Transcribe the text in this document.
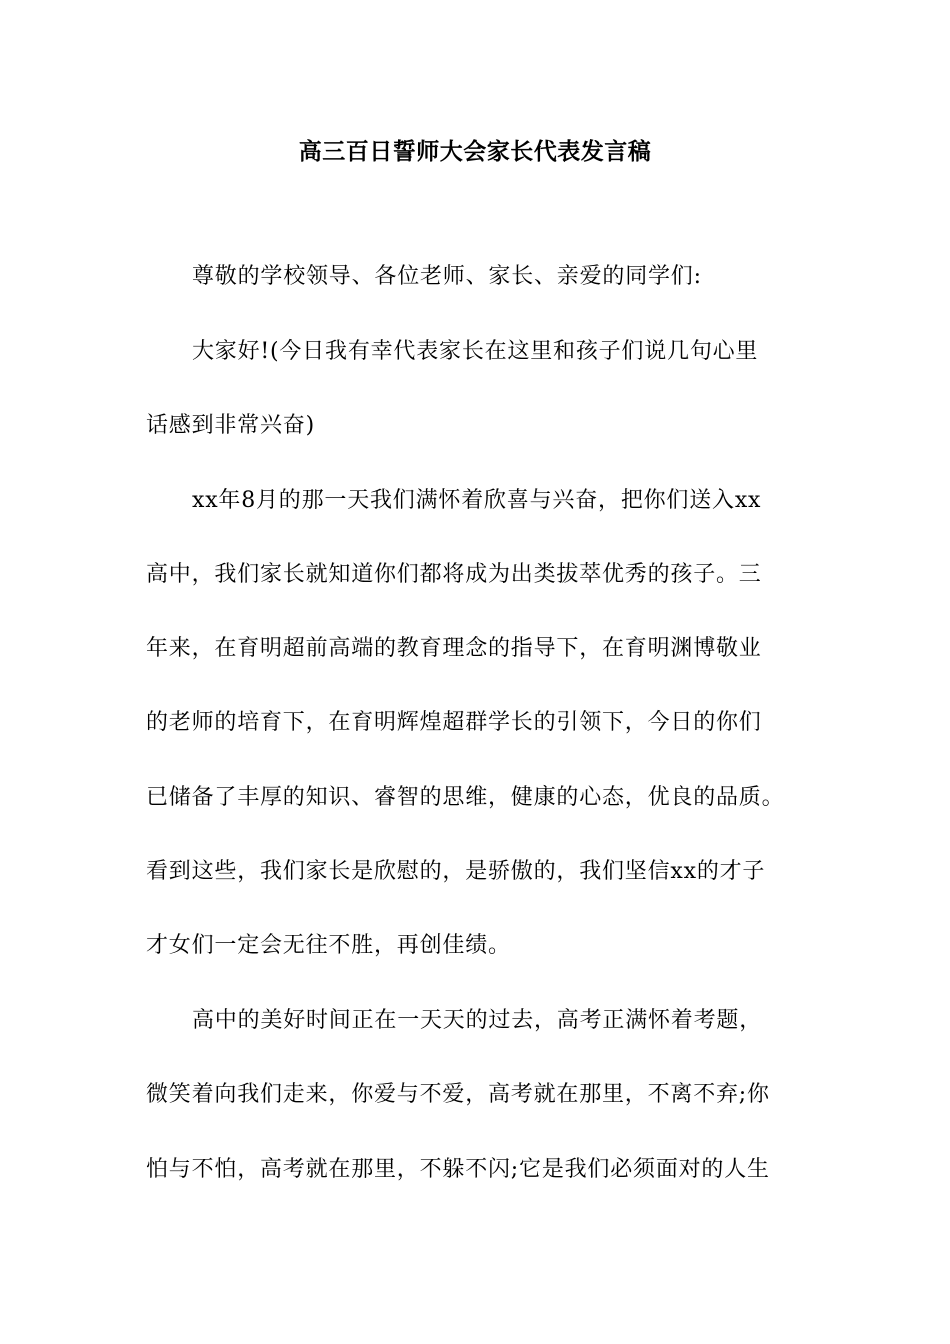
高三百日誓师大会家长代表发言稿
尊敬的学校领导、各位老师、家长、亲爱的同学们:
大家好!(今日我有幸代表家长在这里和孩子们说几句心里
话感到非常兴奋)
xx年8月的那一天我们满怀着欣喜与兴奋，把你们送入xx
高中，我们家长就知道你们都将成为出类拔萃优秀的孩子。三
年来，在育明超前高端的教育理念的指导下，在育明渊博敬业
的老师的培育下，在育明辉煌超群学长的引领下，今日的你们
已储备了丰厚的知识、睿智的思维，健康的心态，优良的品质。
看到这些，我们家长是欣慰的，是骄傲的，我们坚信xx的才子
才女们一定会无往不胜，再创佳绩。
高中的美好时间正在一天天的过去，高考正满怀着考题，
微笑着向我们走来，你爱与不爱，高考就在那里，不离不弃;你
怕与不怕，高考就在那里，不躲不闪;它是我们必须面对的人生
